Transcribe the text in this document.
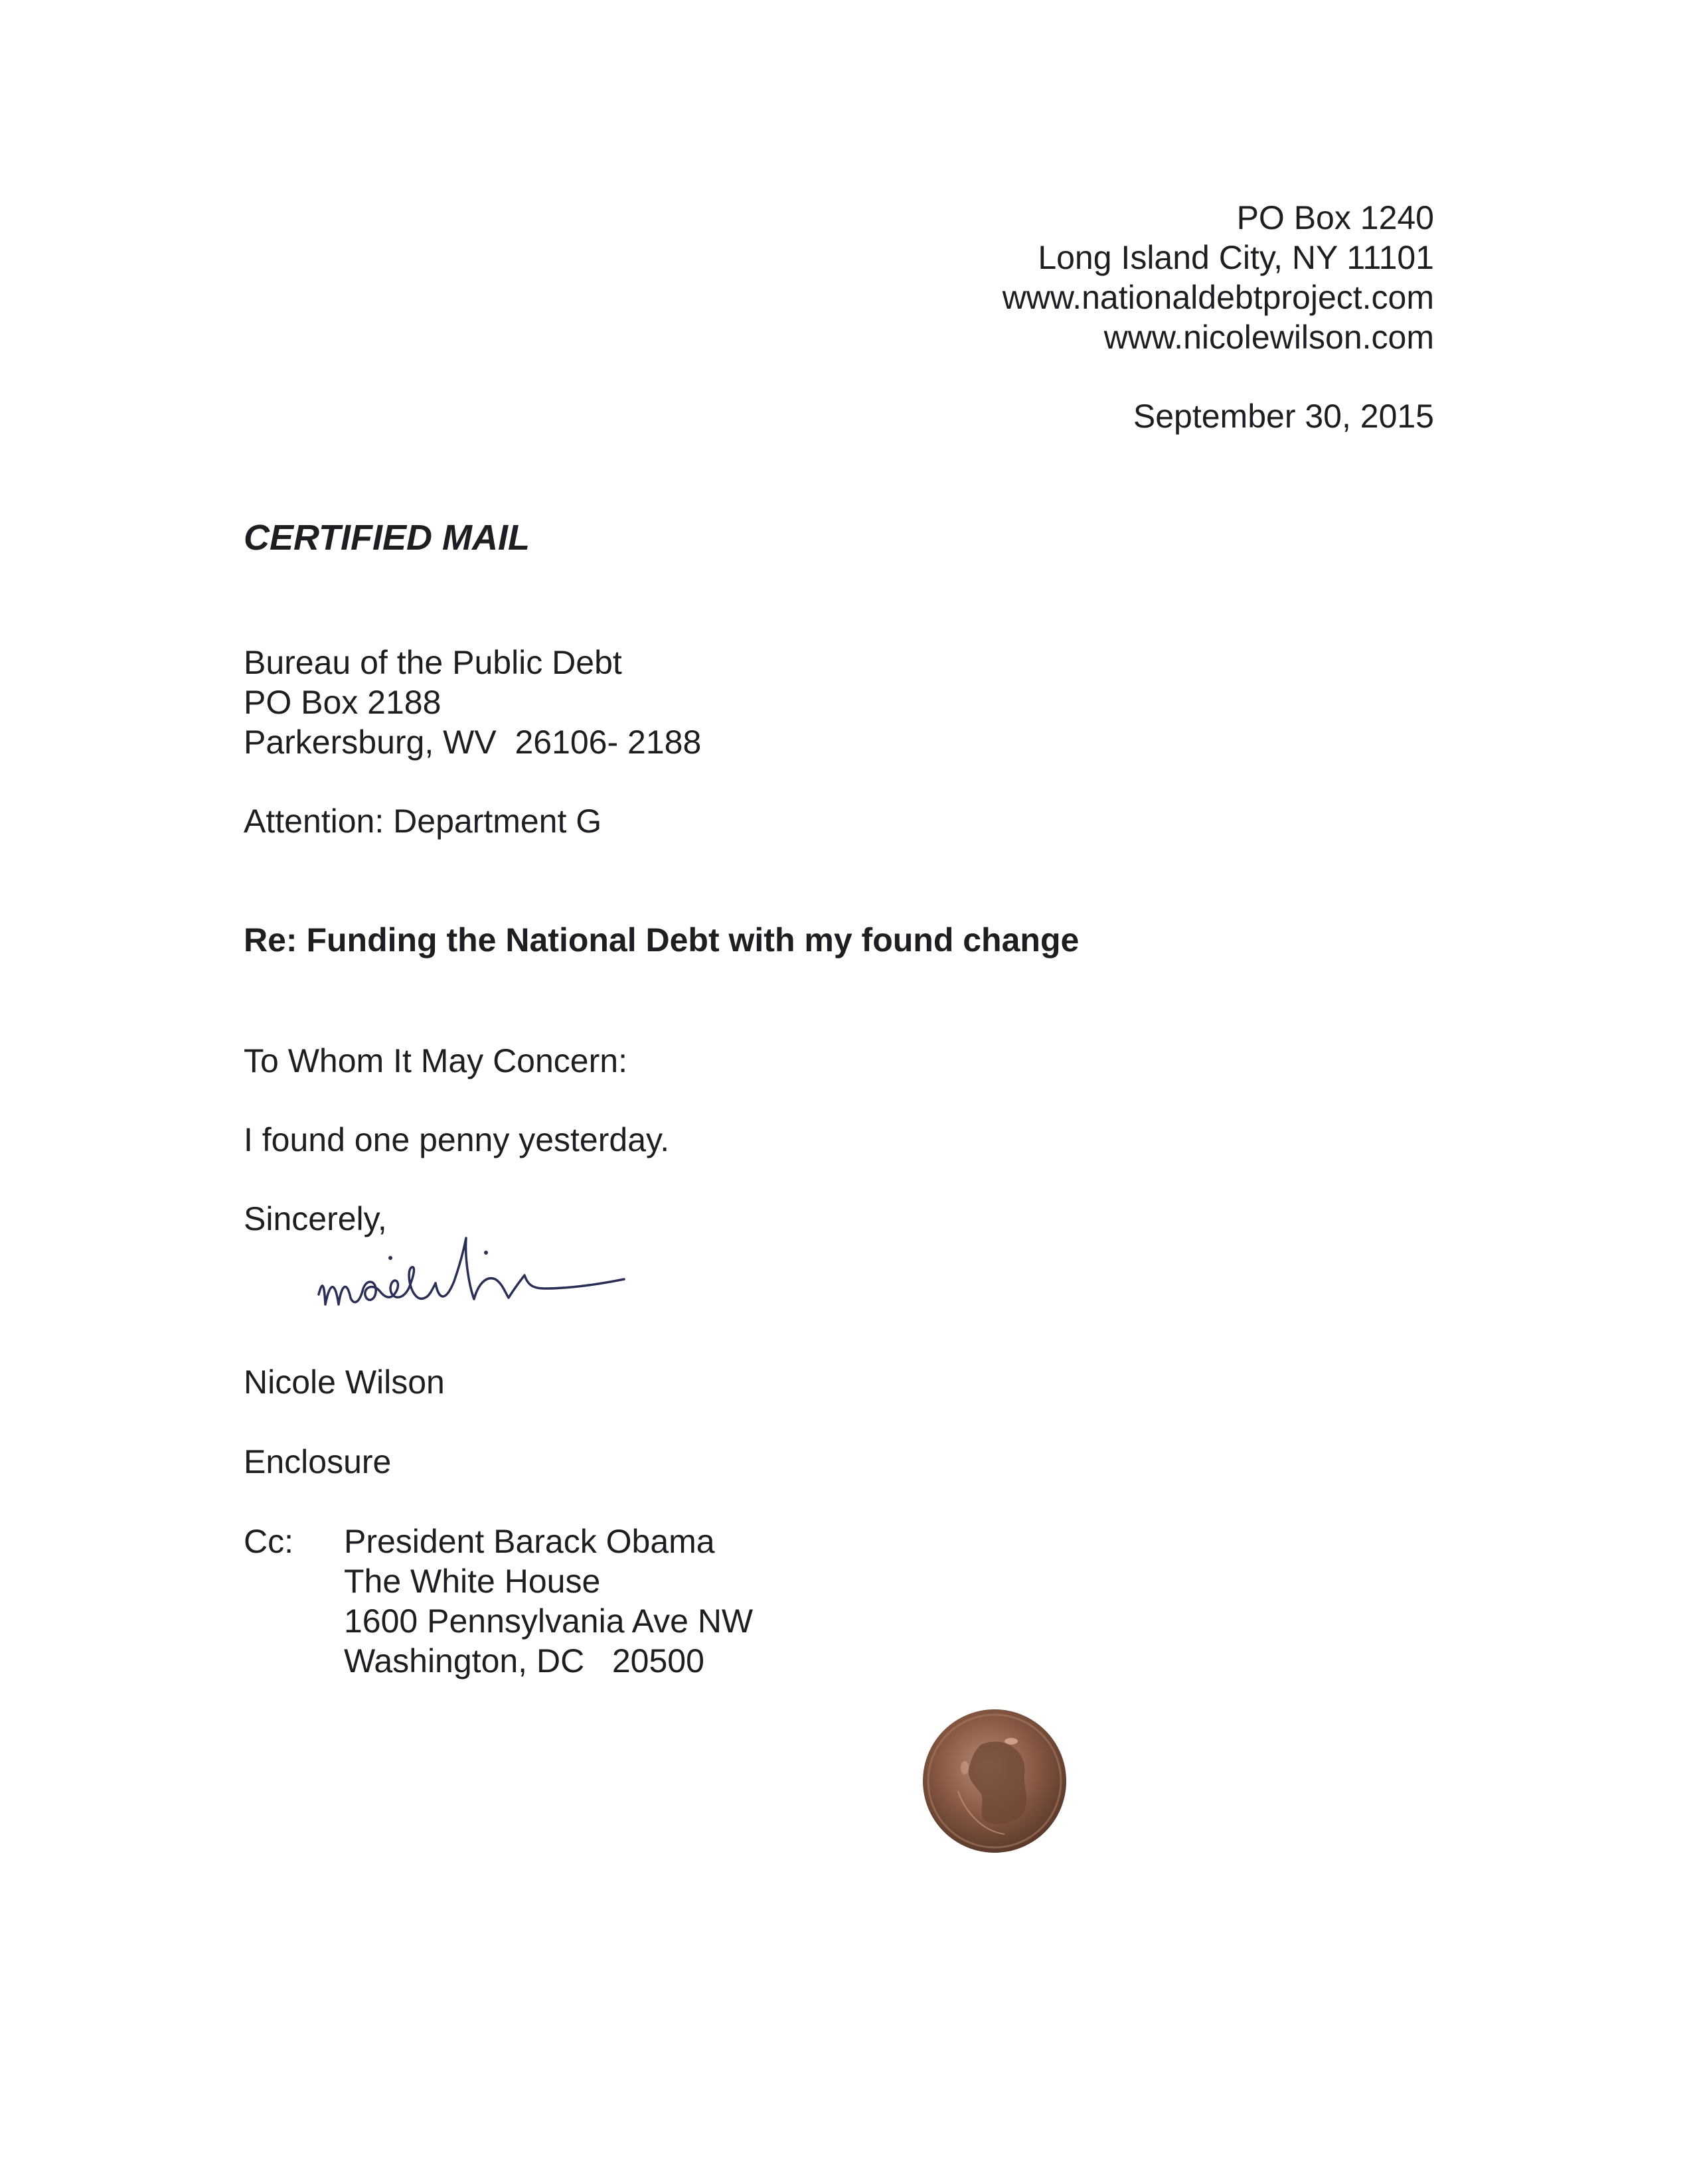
PO Box 1240
Long Island City, NY 11101
www.nationaldebtproject.com
www.nicolewilson.com
September 30, 2015
CERTIFIED MAIL
Bureau of the Public Debt
PO Box 2188
Parkersburg, WV  26106- 2188
Attention: Department G
Re: Funding the National Debt with my found change
To Whom It May Concern:
I found one penny yesterday.
Sincerely,
Nicole Wilson
Enclosure
Cc: President Barack Obama
The White House
1600 Pennsylvania Ave NW
Washington, DC   20500
